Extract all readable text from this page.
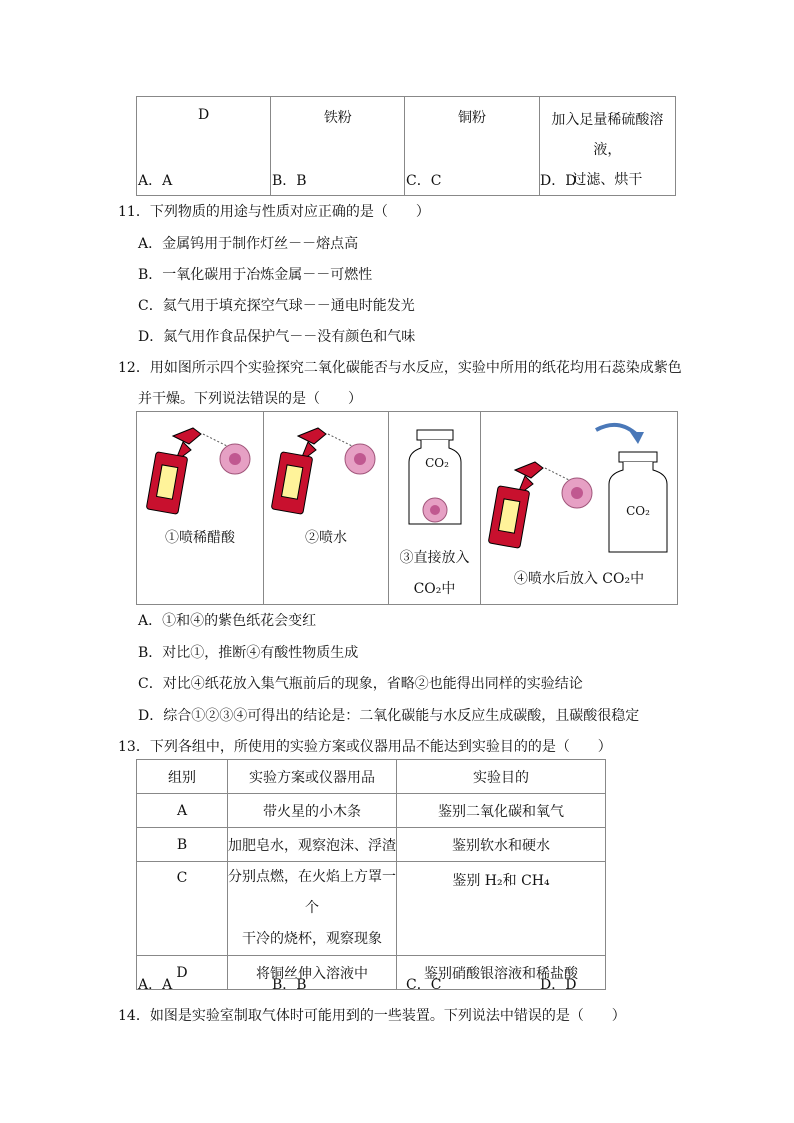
D	铁粉	铜粉	加入足量稀硫酸溶液，
过滤、烘干
A．A	B．B	C．C	D．D
11．下列物质的用途与性质对应正确的是（　　）
A．金属钨用于制作灯丝－－熔点高
B．一氧化碳用于冶炼金属－－可燃性
C．氦气用于填充探空气球－－通电时能发光
D．氮气用作食品保护气－－没有颜色和气味
12．用如图所示四个实验探究二氧化碳能否与水反应，实验中所用的纸花均用石蕊染成紫色
并干燥。下列说法错误的是（　　）
①喷稀醋酸	②喷水
CO₂
③直接放入
CO₂中
CO₂
④喷水后放入 CO₂中
A．①和④的紫色纸花会变红
B．对比①，推断④有酸性物质生成
C．对比④纸花放入集气瓶前后的现象，省略②也能得出同样的实验结论
D．综合①②③④可得出的结论是：二氧化碳能与水反应生成碳酸，且碳酸很稳定
13．下列各组中，所使用的实验方案或仪器用品不能达到实验目的的是（　　）
组别	实验方案或仪器用品	实验目的
A	带火星的小木条	鉴别二氧化碳和氧气
B	加肥皂水，观察泡沫、浮渣	鉴别软水和硬水
C	分别点燃，在火焰上方罩一个
干冷的烧杯，观察现象	鉴别 H₂和 CH₄
D	将铜丝伸入溶液中	鉴别硝酸银溶液和稀盐酸
A．A	B．B	C．C	D．D
14．如图是实验室制取气体时可能用到的一些装置。下列说法中错误的是（　　）
